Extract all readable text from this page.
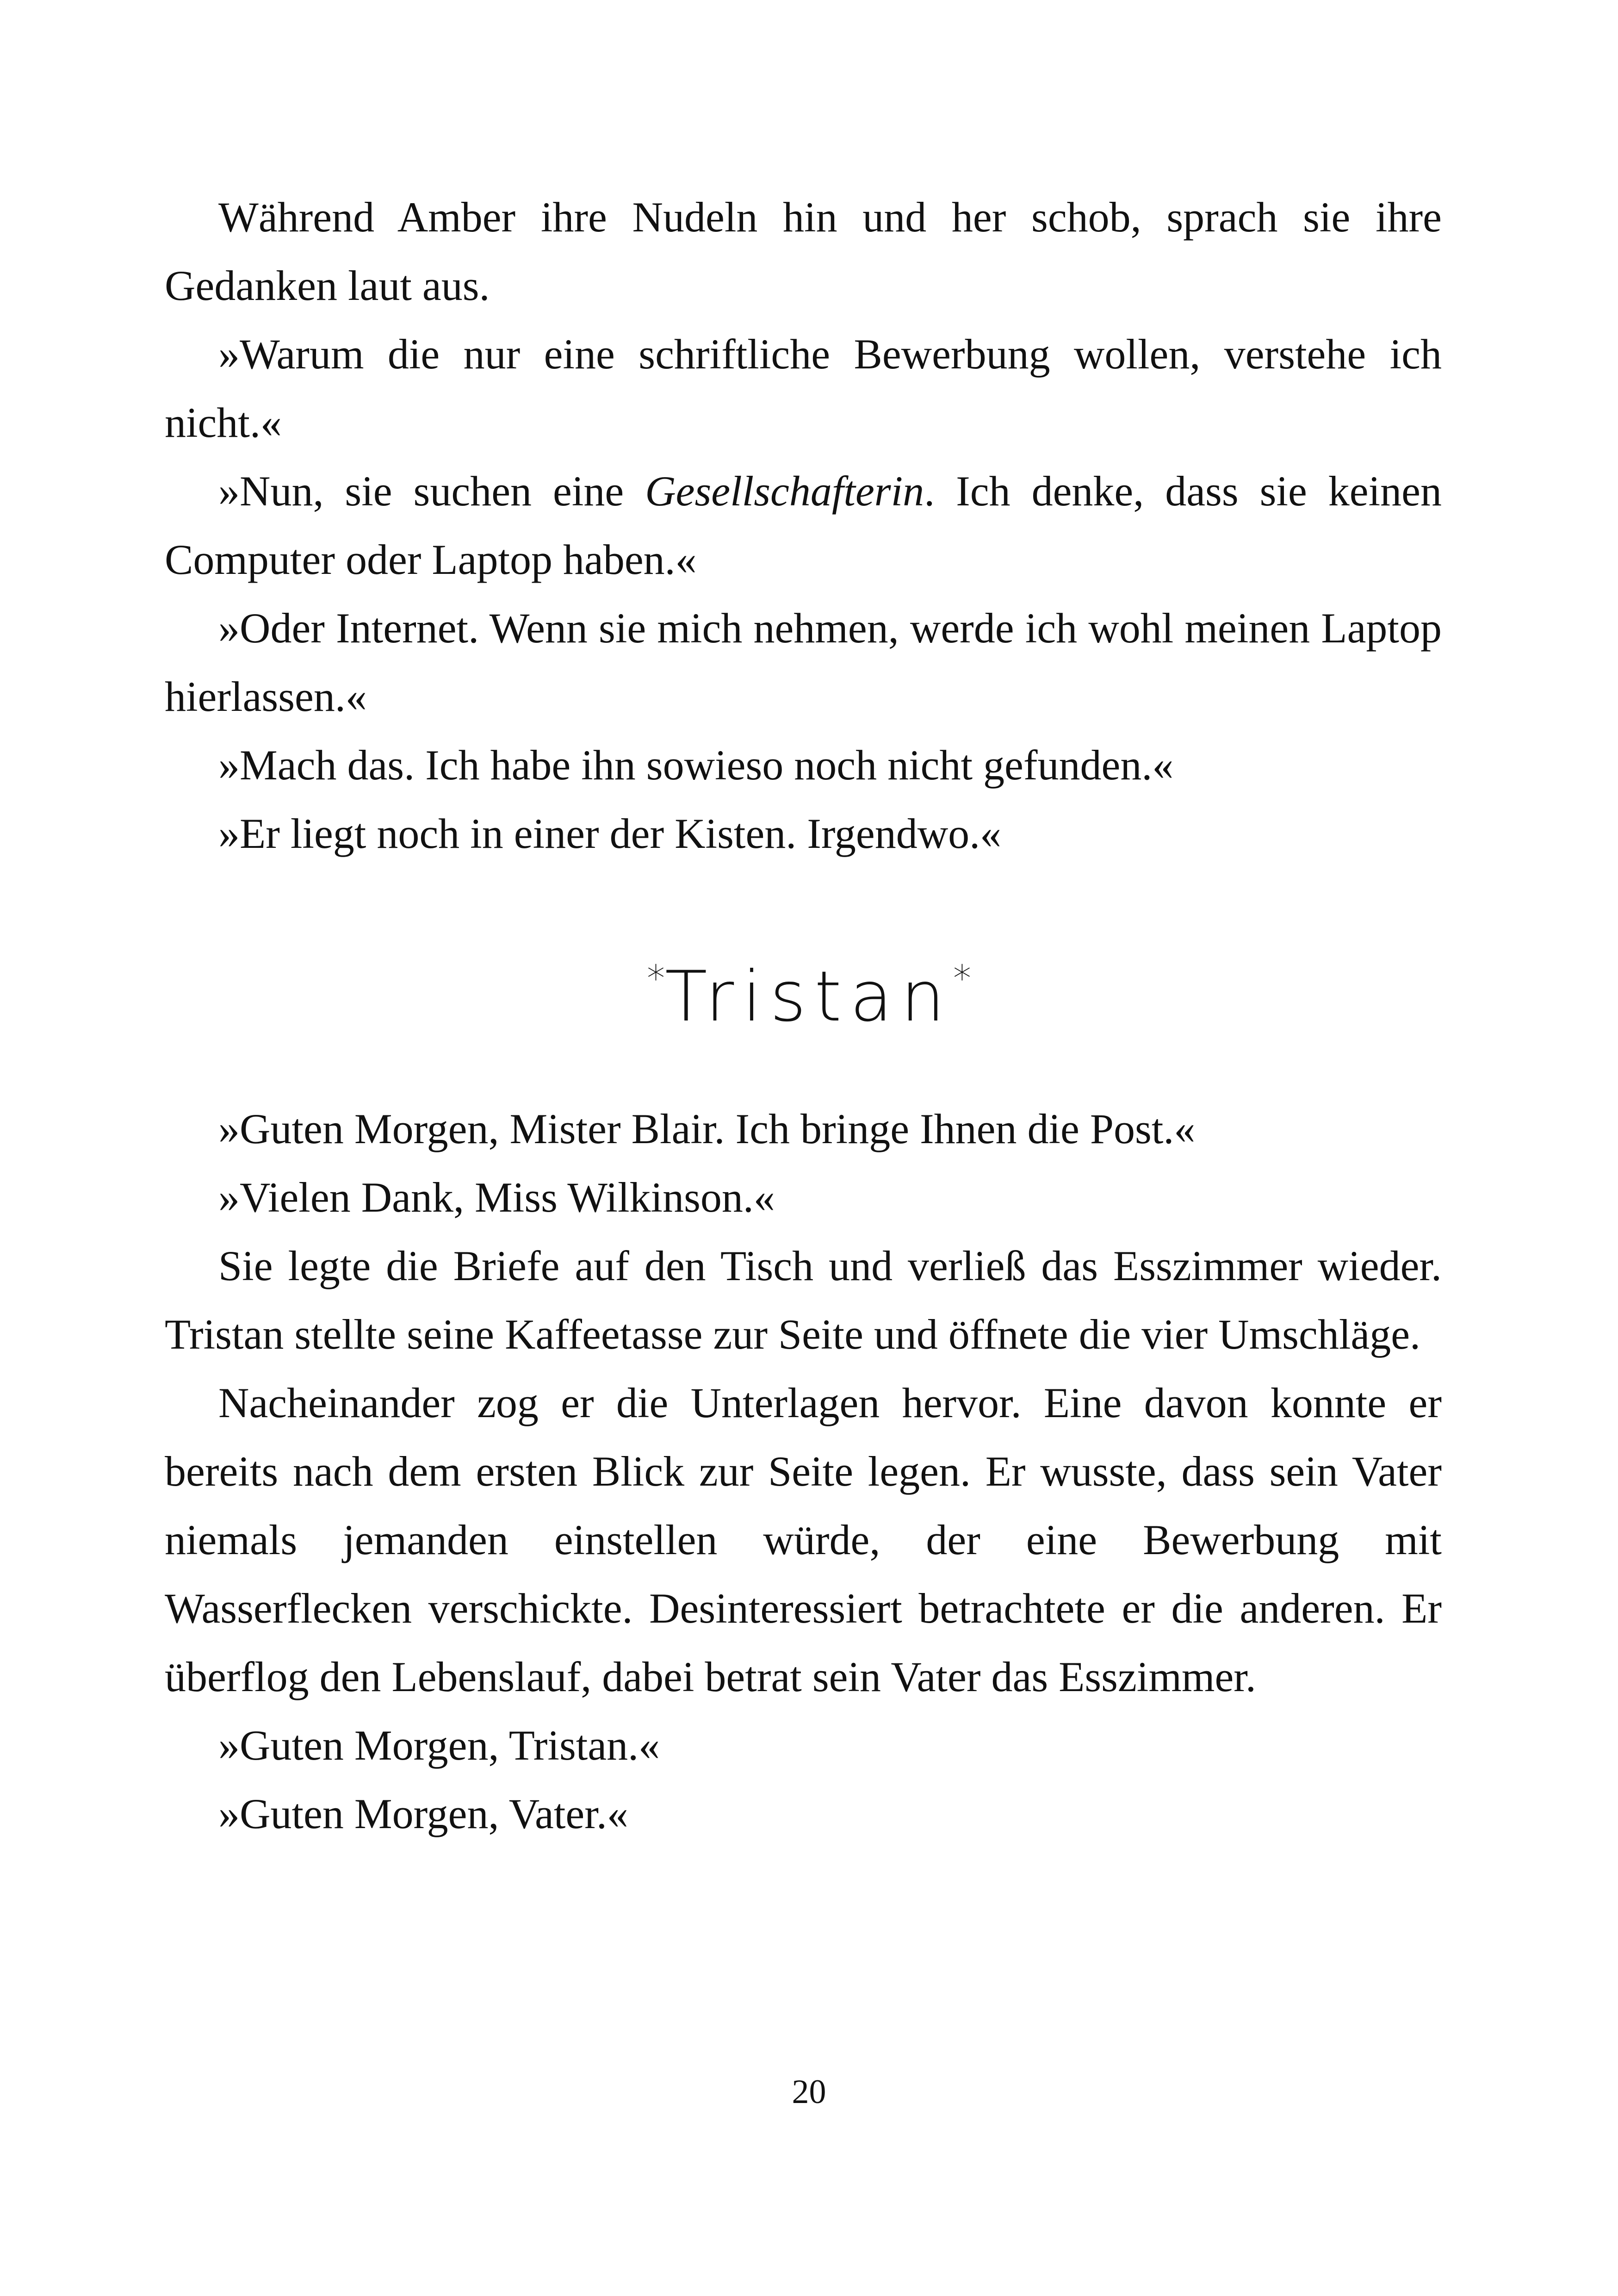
Während Amber ihre Nudeln hin und her schob, sprach sie ihre Gedanken laut aus.

»Warum die nur eine schriftliche Bewerbung wollen, verstehe ich nicht.«

»Nun, sie suchen eine Gesellschafterin. Ich denke, dass sie keinen Computer oder Laptop haben.«

»Oder Internet. Wenn sie mich nehmen, werde ich wohl meinen Laptop hierlassen.«

»Mach das. Ich habe ihn sowieso noch nicht gefunden.«

»Er liegt noch in einer der Kisten. Irgendwo.«

*Tristan*

»Guten Morgen, Mister Blair. Ich bringe Ihnen die Post.«

»Vielen Dank, Miss Wilkinson.«

Sie legte die Briefe auf den Tisch und verließ das Esszimmer wieder. Tristan stellte seine Kaffeetasse zur Seite und öffnete die vier Umschläge.

Nacheinander zog er die Unterlagen hervor. Eine davon konnte er bereits nach dem ersten Blick zur Seite legen. Er wusste, dass sein Vater niemals jemanden einstellen würde, der eine Bewerbung mit Wasserflecken verschickte. Desinteressiert betrachtete er die anderen. Er überflog den Lebenslauf, dabei betrat sein Vater das Esszimmer.

»Guten Morgen, Tristan.«

»Guten Morgen, Vater.«

20
